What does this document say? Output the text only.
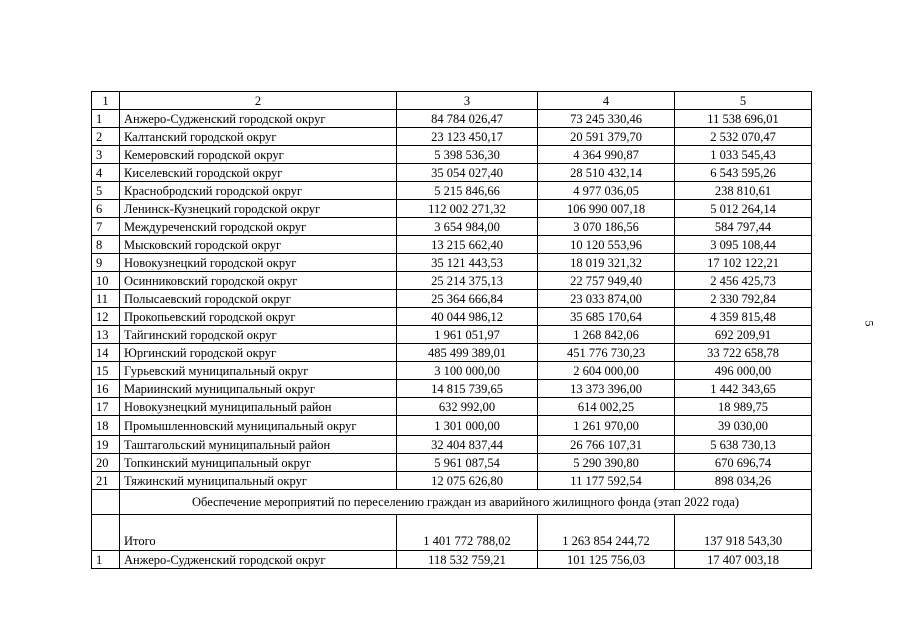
5
1	2	3	4	5
1	Анжеро-Судженский городской округ	84 784 026,47	73 245 330,46	11 538 696,01
2	Калтанский городской округ	23 123 450,17	20 591 379,70	2 532 070,47
3	Кемеровский городской округ	5 398 536,30	4 364 990,87	1 033 545,43
4	Киселевский городской округ	35 054 027,40	28 510 432,14	6 543 595,26
5	Краснобродский городской округ	5 215 846,66	4 977 036,05	238 810,61
6	Ленинск-Кузнецкий городской округ	112 002 271,32	106 990 007,18	5 012 264,14
7	Междуреченский городской округ	3 654 984,00	3 070 186,56	584 797,44
8	Мысковский городской округ	13 215 662,40	10 120 553,96	3 095 108,44
9	Новокузнецкий городской округ	35 121 443,53	18 019 321,32	17 102 122,21
10	Осинниковский городской округ	25 214 375,13	22 757 949,40	2 456 425,73
11	Полысаевский городской округ	25 364 666,84	23 033 874,00	2 330 792,84
12	Прокопьевский городской округ	40 044 986,12	35 685 170,64	4 359 815,48
13	Тайгинский городской округ	1 961 051,97	1 268 842,06	692 209,91
14	Юргинский городской округ	485 499 389,01	451 776 730,23	33 722 658,78
15	Гурьевский муниципальный округ	3 100 000,00	2 604 000,00	496 000,00
16	Мариинский муниципальный округ	14 815 739,65	13 373 396,00	1 442 343,65
17	Новокузнецкий муниципальный район	632 992,00	614 002,25	18 989,75
18	Промышленновский муниципальный округ	1 301 000,00	1 261 970,00	39 030,00
19	Таштагольский муниципальный район	32 404 837,44	26 766 107,31	5 638 730,13
20	Топкинский муниципальный округ	5 961 087,54	5 290 390,80	670 696,74
21	Тяжинский муниципальный округ	12 075 626,80	11 177 592,54	898 034,26
	Обеспечение мероприятий по переселению граждан из аварийного жилищного фонда (этап 2022 года)			
	Итого	1 401 772 788,02	1 263 854 244,72	137 918 543,30
1	Анжеро-Судженский городской округ	118 532 759,21	101 125 756,03	17 407 003,18
